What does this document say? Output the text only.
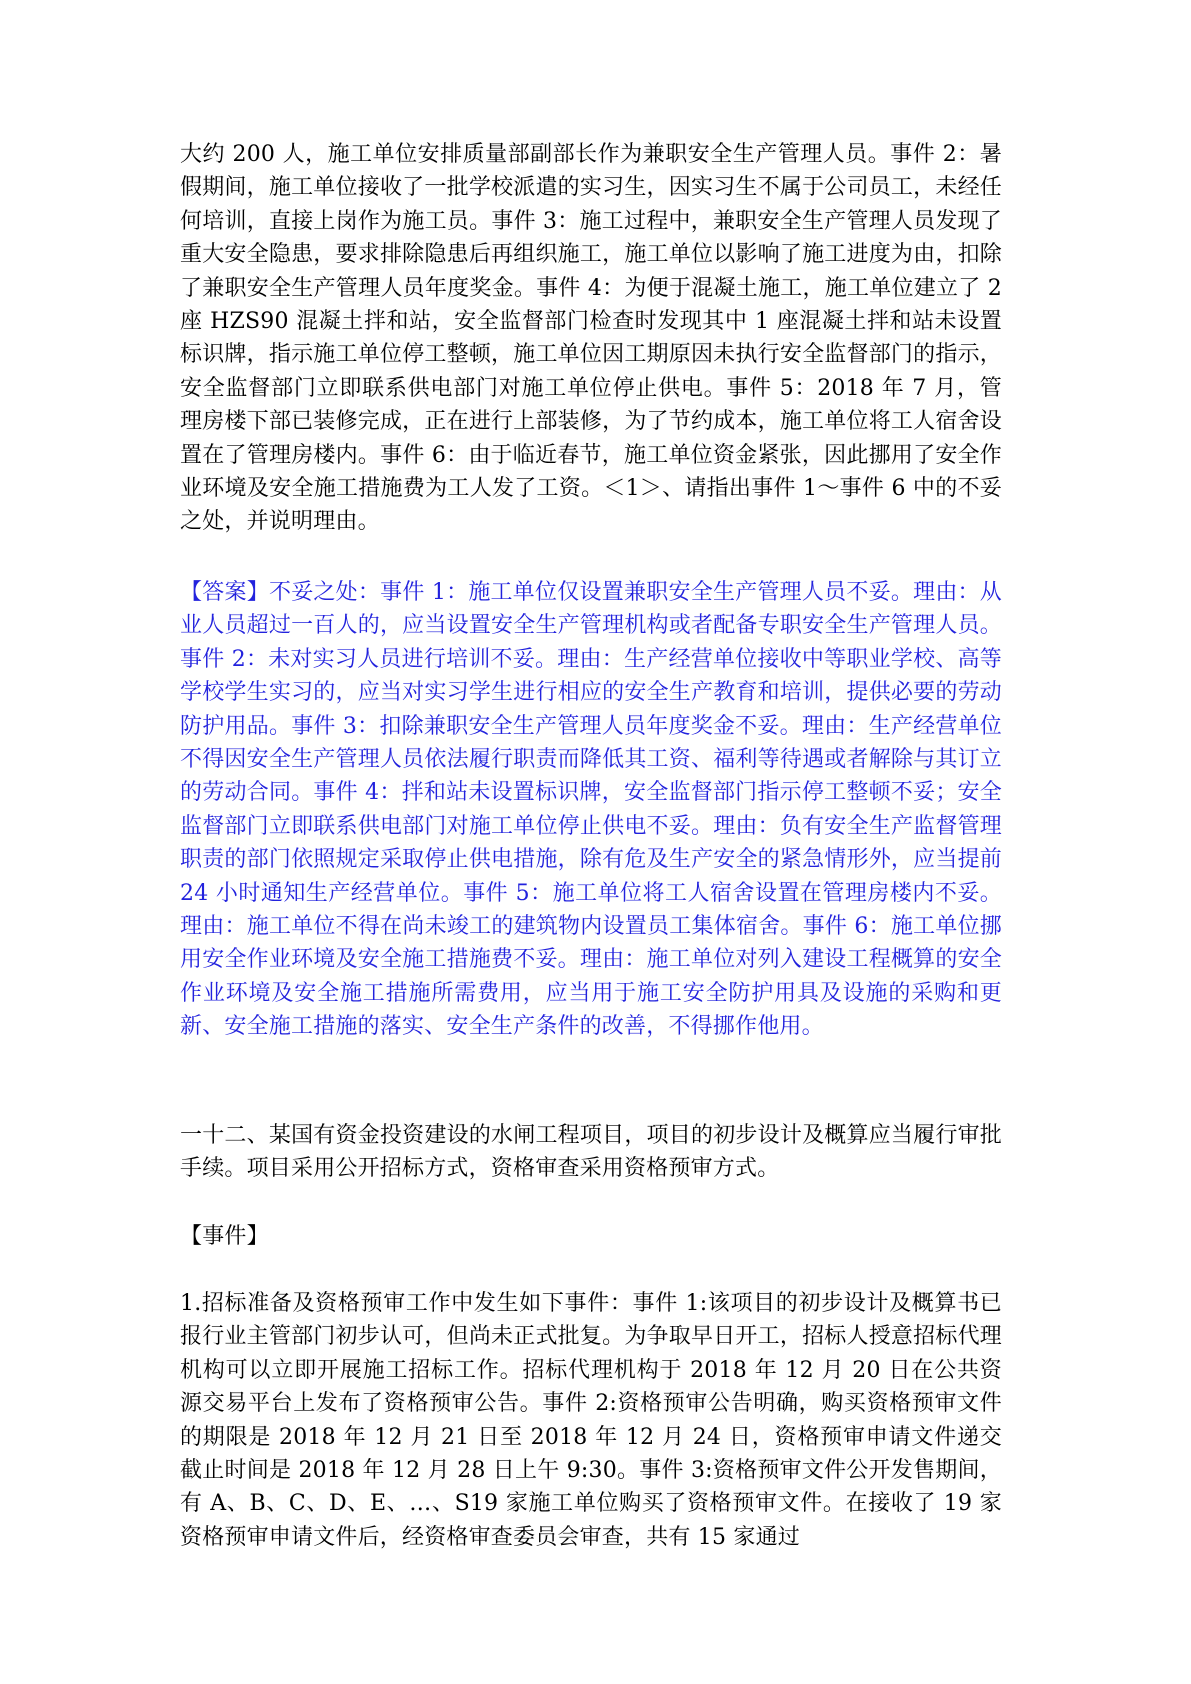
大约 200 人，施工单位安排质量部副部长作为兼职安全生产管理人员。事件 2：暑假期间，施工单位接收了一批学校派遣的实习生，因实习生不属于公司员工，未经任何培训，直接上岗作为施工员。事件 3：施工过程中，兼职安全生产管理人员发现了重大安全隐患，要求排除隐患后再组织施工，施工单位以影响了施工进度为由，扣除了兼职安全生产管理人员年度奖金。事件 4：为便于混凝土施工，施工单位建立了 2 座 HZS90 混凝土拌和站，安全监督部门检查时发现其中 1 座混凝土拌和站未设置标识牌，指示施工单位停工整顿，施工单位因工期原因未执行安全监督部门的指示，安全监督部门立即联系供电部门对施工单位停止供电。事件 5：2018 年 7 月，管理房楼下部已装修完成，正在进行上部装修，为了节约成本，施工单位将工人宿舍设置在了管理房楼内。事件 6：由于临近春节，施工单位资金紧张，因此挪用了安全作业环境及安全施工措施费为工人发了工资。＜1＞、请指出事件 1～事件 6 中的不妥之处，并说明理由。

【答案】不妥之处：事件 1：施工单位仅设置兼职安全生产管理人员不妥。理由：从业人员超过一百人的，应当设置安全生产管理机构或者配备专职安全生产管理人员。事件 2：未对实习人员进行培训不妥。理由：生产经营单位接收中等职业学校、高等学校学生实习的，应当对实习学生进行相应的安全生产教育和培训，提供必要的劳动防护用品。事件 3：扣除兼职安全生产管理人员年度奖金不妥。理由：生产经营单位不得因安全生产管理人员依法履行职责而降低其工资、福利等待遇或者解除与其订立的劳动合同。事件 4：拌和站未设置标识牌，安全监督部门指示停工整顿不妥；安全监督部门立即联系供电部门对施工单位停止供电不妥。理由：负有安全生产监督管理职责的部门依照规定采取停止供电措施，除有危及生产安全的紧急情形外，应当提前 24 小时通知生产经营单位。事件 5：施工单位将工人宿舍设置在管理房楼内不妥。理由：施工单位不得在尚未竣工的建筑物内设置员工集体宿舍。事件 6：施工单位挪用安全作业环境及安全施工措施费不妥。理由：施工单位对列入建设工程概算的安全作业环境及安全施工措施所需费用，应当用于施工安全防护用具及设施的采购和更新、安全施工措施的落实、安全生产条件的改善，不得挪作他用。

一十二、某国有资金投资建设的水闸工程项目，项目的初步设计及概算应当履行审批手续。项目采用公开招标方式，资格审查采用资格预审方式。

【事件】

1.招标准备及资格预审工作中发生如下事件：事件 1:该项目的初步设计及概算书已报行业主管部门初步认可，但尚未正式批复。为争取早日开工，招标人授意招标代理机构可以立即开展施工招标工作。招标代理机构于 2018 年 12 月 20 日在公共资源交易平台上发布了资格预审公告。事件 2:资格预审公告明确，购买资格预审文件的期限是 2018 年 12 月 21 日至 2018 年 12 月 24 日，资格预审申请文件递交截止时间是 2018 年 12 月 28 日上午 9:30。事件 3:资格预审文件公开发售期间，有 A、B、C、D、E、…、S19 家施工单位购买了资格预审文件。在接收了 19 家资格预审申请文件后，经资格审查委员会审查，共有 15 家通过
